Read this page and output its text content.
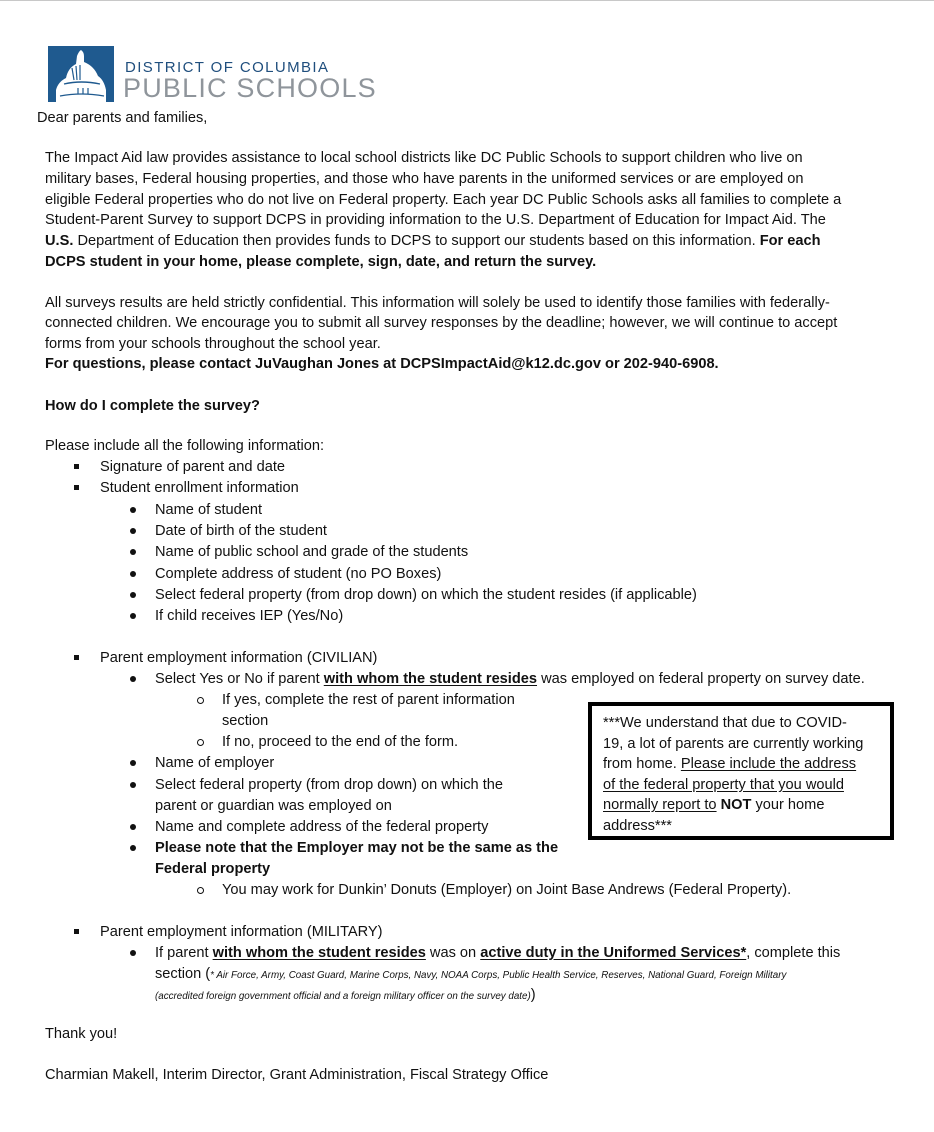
DISTRICT OF COLUMBIA
PUBLIC SCHOOLS
Dear parents and families,
The Impact Aid law provides assistance to local school districts like DC Public Schools to support children who live on
military bases, Federal housing properties, and those who have parents in the uniformed services or are employed on
eligible Federal properties who do not live on Federal property. Each year DC Public Schools asks all families to complete a
Student-Parent Survey to support DCPS in providing information to the U.S. Department of Education for Impact Aid. The
U.S. Department of Education then provides funds to DCPS to support our students based on this information. For each
DCPS student in your home, please complete, sign, date, and return the survey.
All surveys results are held strictly confidential. This information will solely be used to identify those families with federally-
connected children. We encourage you to submit all survey responses by the deadline; however, we will continue to accept
forms from your schools throughout the school year.
For questions, please contact JuVaughan Jones at DCPSImpactAid@k12.dc.gov or 202-940-6908.
How do I complete the survey?
Please include all the following information:
Signature of parent and date
Student enrollment information
Name of student
Date of birth of the student
Name of public school and grade of the students
Complete address of student (no PO Boxes)
Select federal property (from drop down) on which the student resides (if applicable)
If child receives IEP (Yes/No)
Parent employment information (CIVILIAN)
Select Yes or No if parent with whom the student resides was employed on federal property on survey date.
If yes, complete the rest of parent information
section
If no, proceed to the end of the form.
Name of employer
Select federal property (from drop down) on which the
parent or guardian was employed on
Name and complete address of the federal property
Please note that the Employer may not be the same as the
Federal property
You may work for Dunkin’ Donuts (Employer) on Joint Base Andrews (Federal Property).
***We understand that due to COVID-
19, a lot of parents are currently working
from home. Please include the address
of the federal property that you would
normally report to NOT your home
address***
Parent employment information (MILITARY)
If parent with whom the student resides was on active duty in the Uniformed Services*, complete this
section (* Air Force, Army, Coast Guard, Marine Corps, Navy, NOAA Corps, Public Health Service, Reserves, National Guard, Foreign Military
(accredited foreign government official and a foreign military officer on the survey date))
Thank you!
Charmian Makell, Interim Director, Grant Administration, Fiscal Strategy Office
